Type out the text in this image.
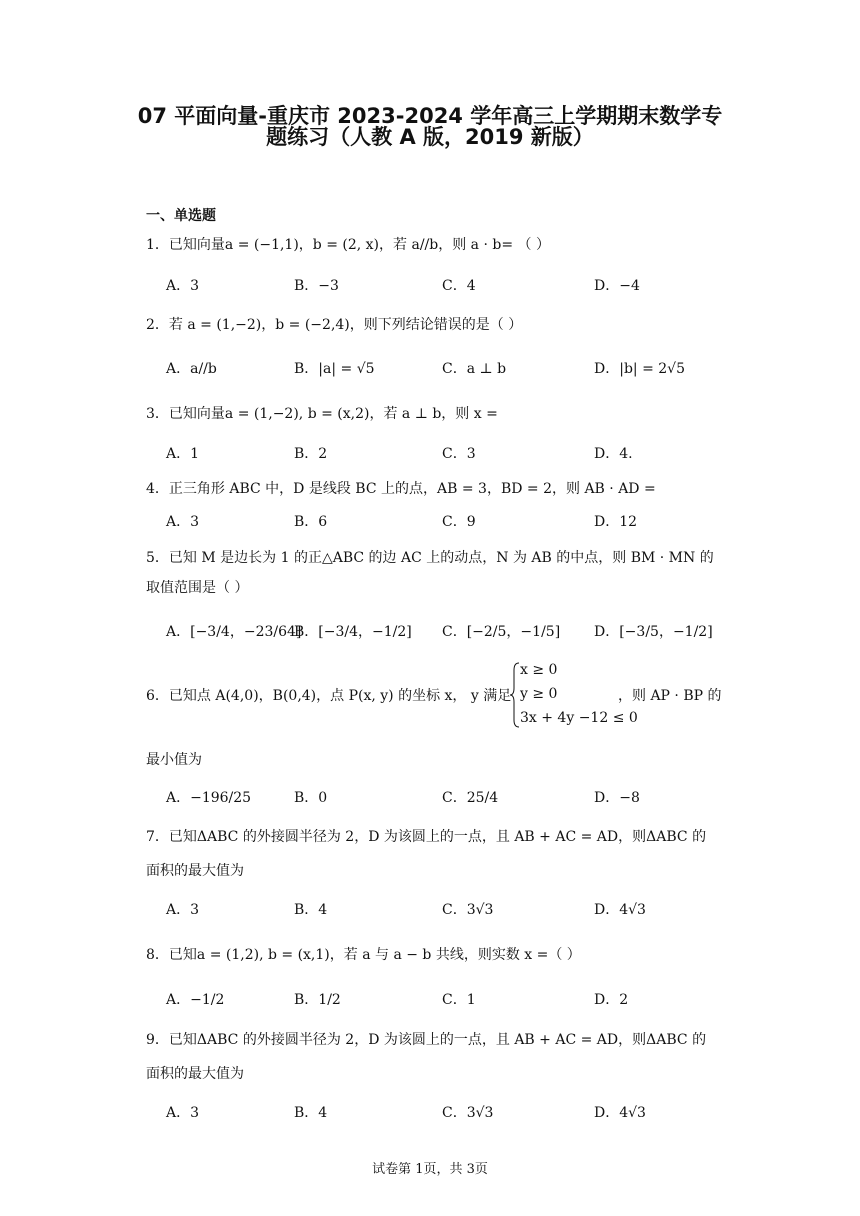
07 平面向量-重庆市 2023-2024 学年高三上学期期末数学专
题练习（人教 A 版，2019 新版）
一、单选题
1．已知向量a = (−1,1)，b = (2, x)，若 a//b，则 a · b= （ ）
A．3	B．−3	C．4	D．−4
2．若 a = (1,−2)，b = (−2,4)，则下列结论错误的是（ ）
A．a//b	B．|a| = √5	C．a ⊥ b	D．|b| = 2√5
3．已知向量a = (1,−2), b = (x,2)，若 a ⊥ b，则 x =
A．1	B．2	C．3	D．4.
4．正三角形 ABC 中，D 是线段 BC 上的点，AB = 3，BD = 2，则 AB · AD =
A．3	B．6	C．9	D．12
5．已知 M 是边长为 1 的正△ABC 的边 AC 上的动点，N 为 AB 的中点，则 BM · MN 的
取值范围是（ ）
A．[−3/4，−23/64]
B．[−3/4，−1/2] C．[−2/5，−1/5] D．[−3/5，−1/2]
6．已知点 A(4,0)，B(0,4)，点 P(x, y) 的坐标 x， y 满足
x ≥ 0
y ≥ 0
3x + 4y −12 ≤ 0
，则 AP · BP 的
最小值为
A．−196/25	B．0	C．25/4	D．−8
7．已知ΔABC 的外接圆半径为 2，D 为该圆上的一点，且 AB + AC = AD，则ΔABC 的
面积的最大值为
A．3	B．4	C．3√3	D．4√3
8．已知a = (1,2), b = (x,1)，若 a 与 a − b 共线，则实数 x =（ ）
A．−1/2	B．1/2	C．1	D．2
9．已知ΔABC 的外接圆半径为 2，D 为该圆上的一点，且 AB + AC = AD，则ΔABC 的
面积的最大值为
A．3	B．4	C．3√3	D．4√3
试卷第 1页，共 3页
